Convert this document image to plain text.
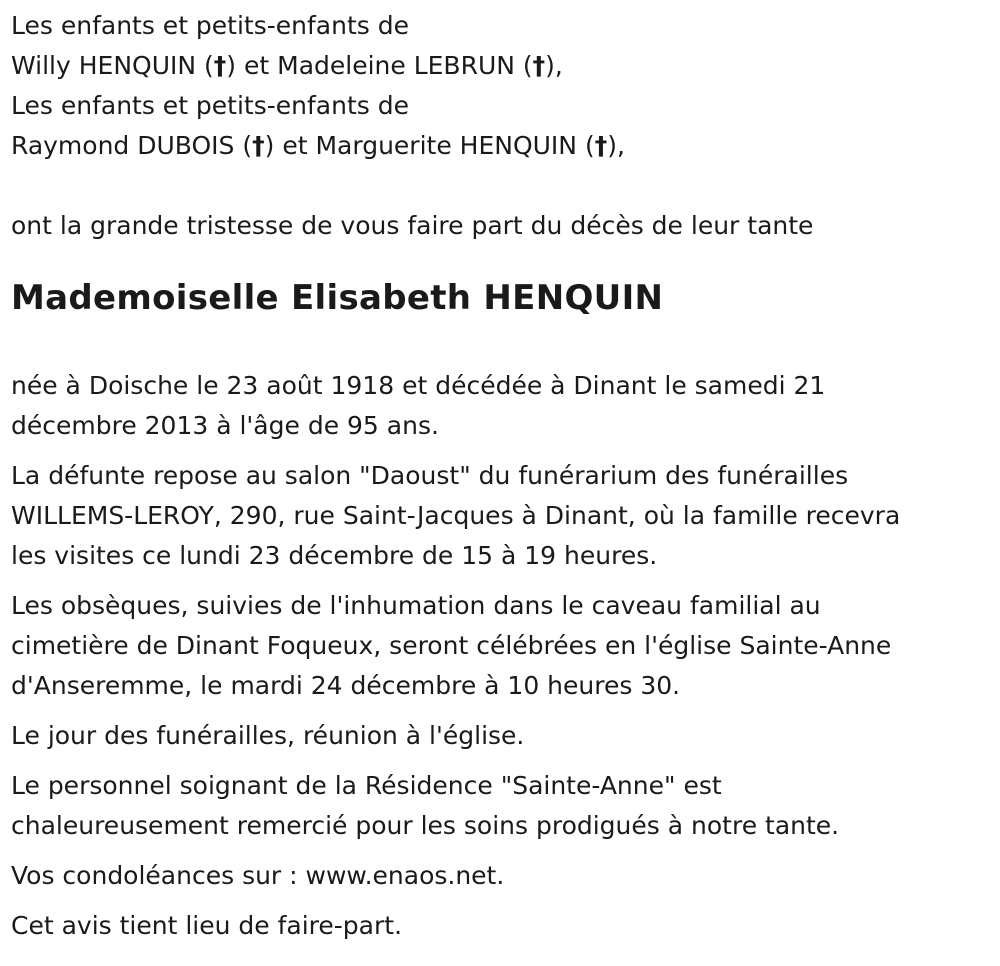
Les enfants et petits-enfants de
Willy HENQUIN (†) et Madeleine LEBRUN (†),
Les enfants et petits-enfants de
Raymond DUBOIS (†) et Marguerite HENQUIN (†),
ont la grande tristesse de vous faire part du décès de leur tante
Mademoiselle Elisabeth HENQUIN
née à Doische le 23 août 1918 et décédée à Dinant le samedi 21
décembre 2013 à l'âge de 95 ans.
La défunte repose au salon "Daoust" du funérarium des funérailles
WILLEMS-LEROY, 290, rue Saint-Jacques à Dinant, où la famille recevra
les visites ce lundi 23 décembre de 15 à 19 heures.
Les obsèques, suivies de l'inhumation dans le caveau familial au
cimetière de Dinant Foqueux, seront célébrées en l'église Sainte-Anne
d'Anseremme, le mardi 24 décembre à 10 heures 30.
Le jour des funérailles, réunion à l'église.
Le personnel soignant de la Résidence "Sainte-Anne" est
chaleureusement remercié pour les soins prodigués à notre tante.
Vos condoléances sur : www.enaos.net.
Cet avis tient lieu de faire-part.
